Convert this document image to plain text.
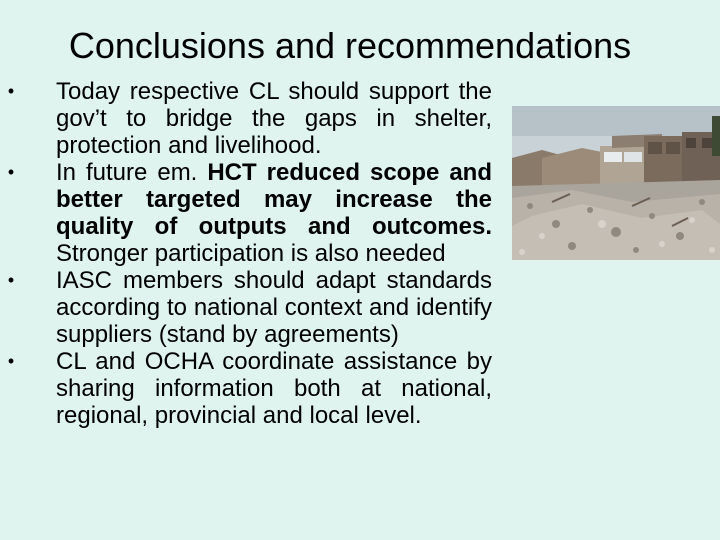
Conclusions and recommendations
• Today respective CL should support the gov’t to bridge the gaps in shelter, protection and livelihood.
• In future em. HCT reduced scope and better targeted may increase the quality of outputs and outcomes. Stronger participation is also needed
• IASC members should adapt standards according to national context and identify suppliers (stand by agreements)
• CL and OCHA coordinate assistance by sharing information both at national, regional, provincial and local level.
